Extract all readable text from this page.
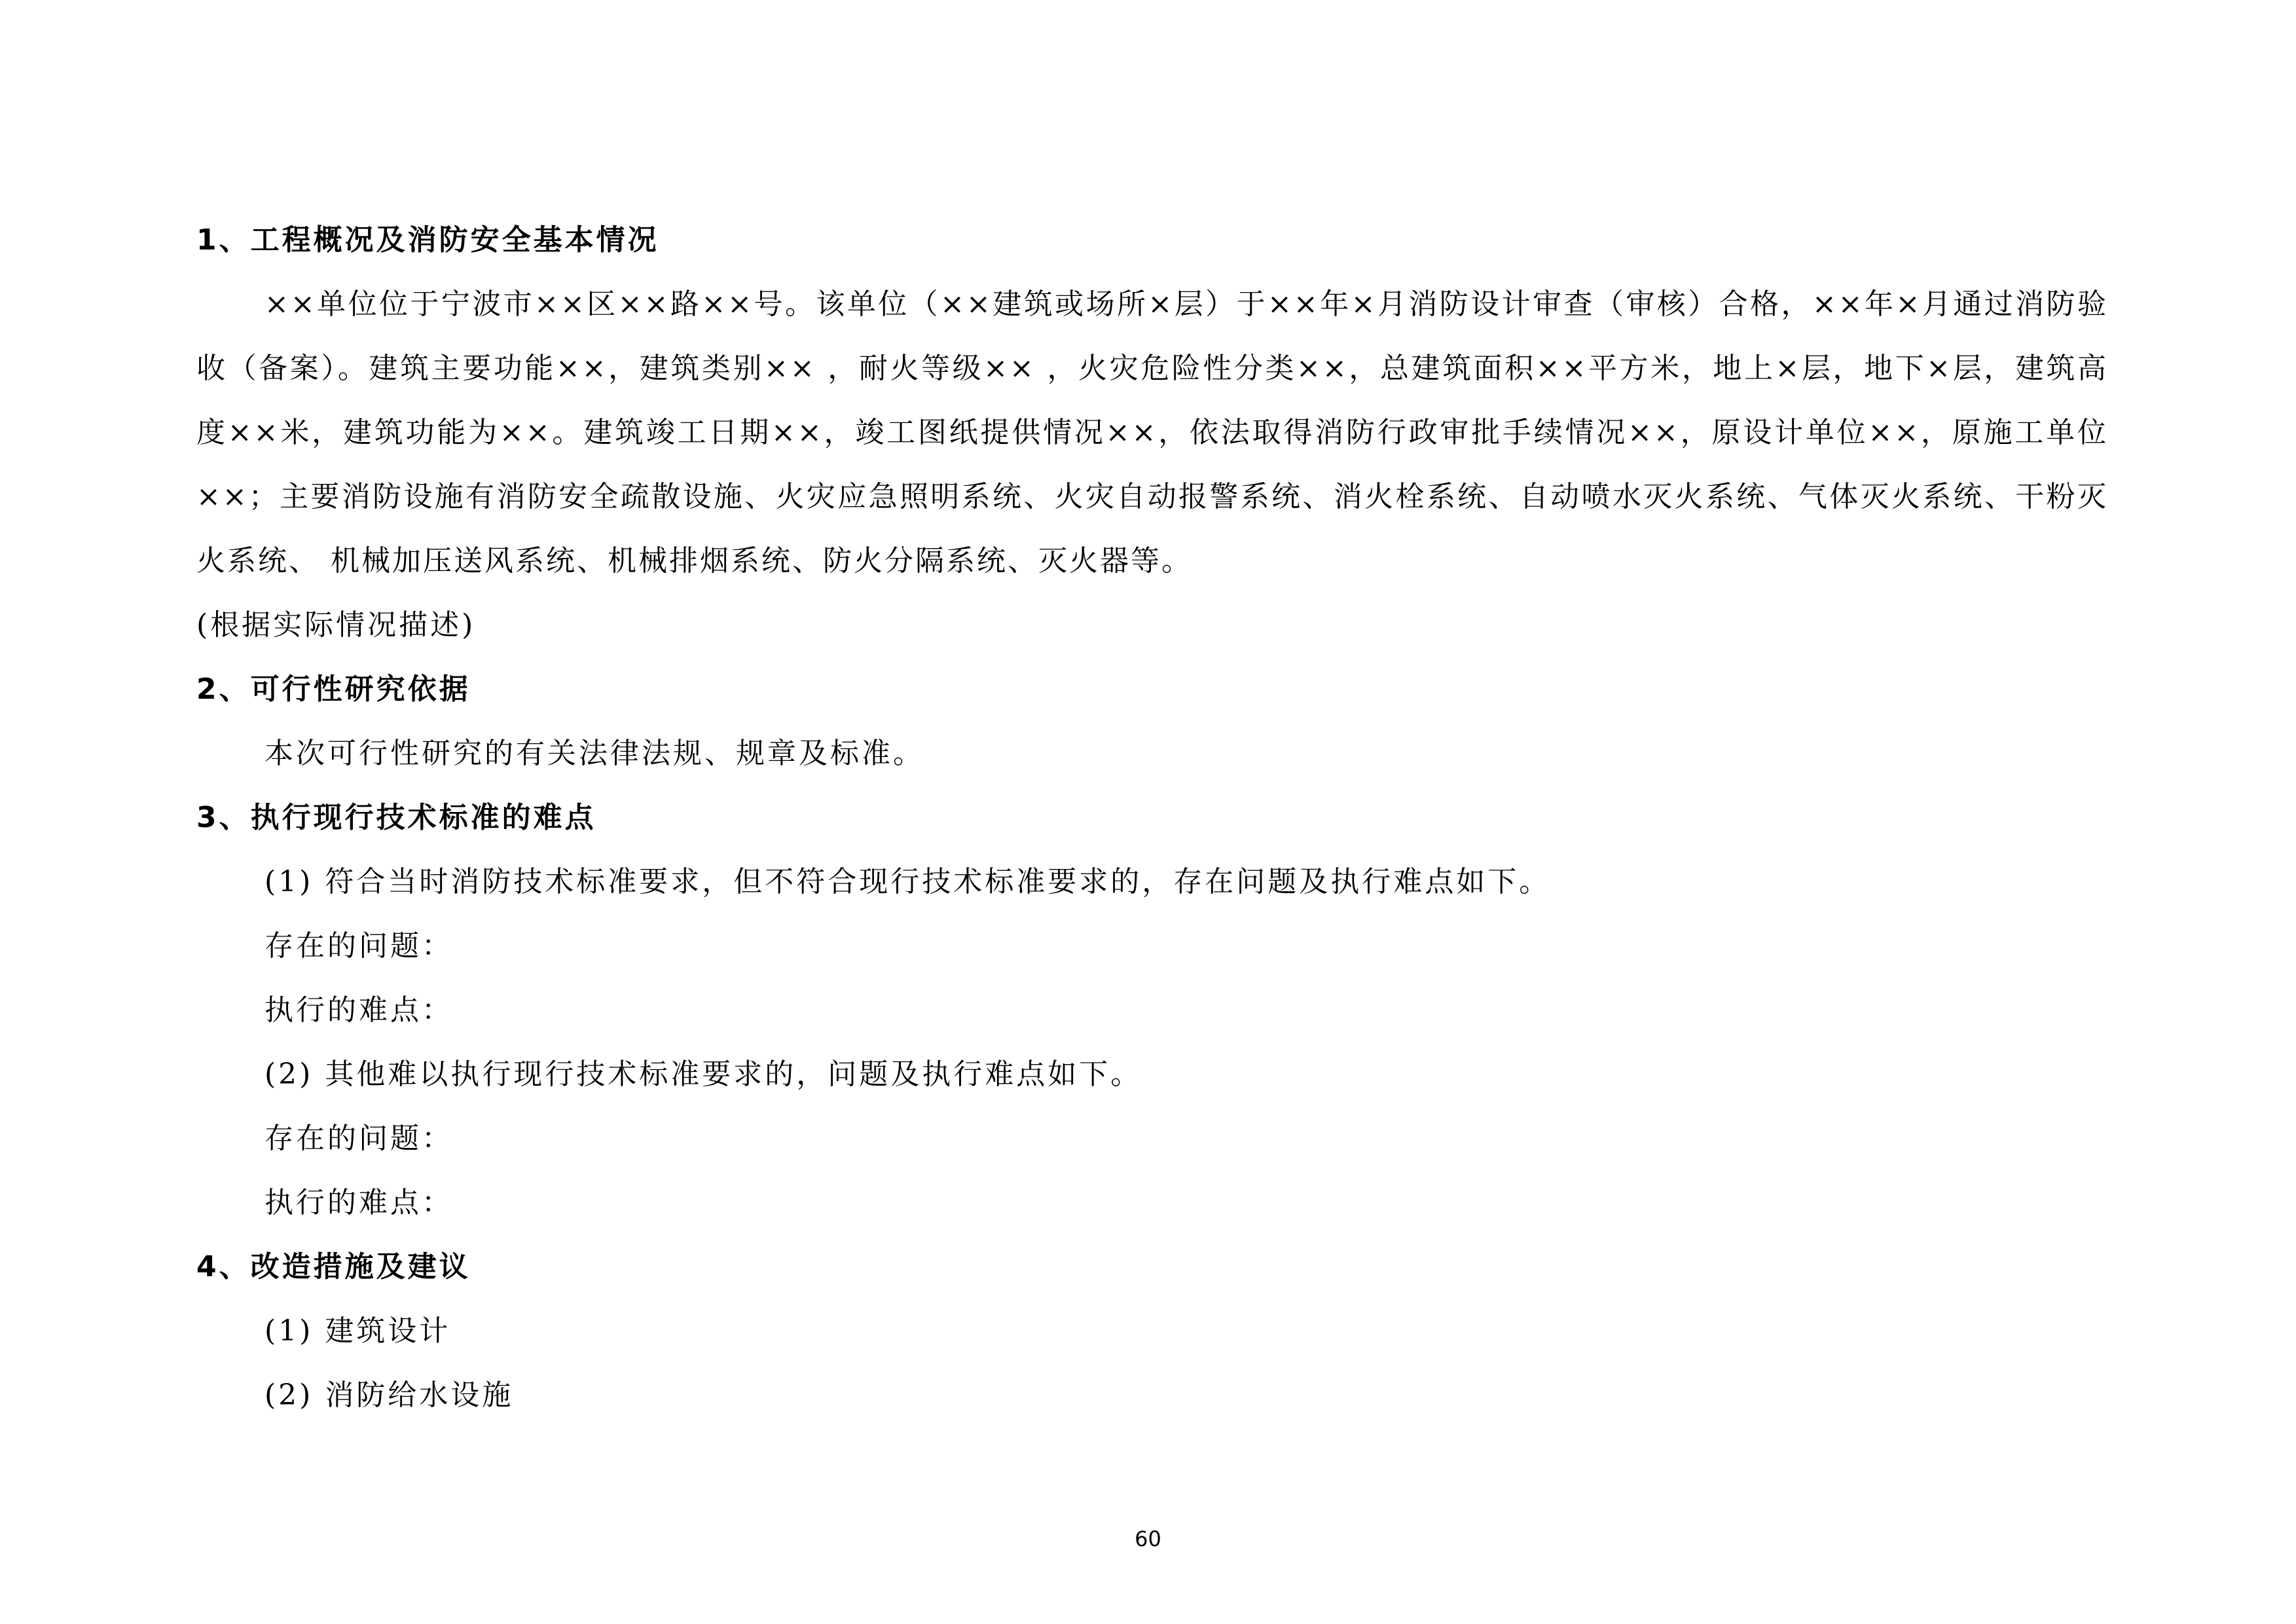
1、工程概况及消防安全基本情况

××单位位于宁波市××区××路××号。该单位（××建筑或场所×层）于××年×月消防设计审查（审核）合格，××年×月通过消防验收（备案）。建筑主要功能××，建筑类别×× ，耐火等级×× ，火灾危险性分类××，总建筑面积××平方米，地上×层，地下×层，建筑高度××米，建筑功能为××。建筑竣工日期××，竣工图纸提供情况××，依法取得消防行政审批手续情况××，原设计单位××，原施工单位××；主要消防设施有消防安全疏散设施、火灾应急照明系统、火灾自动报警系统、消火栓系统、自动喷水灭火系统、气体灭火系统、干粉灭火系统、 机械加压送风系统、机械排烟系统、防火分隔系统、灭火器等。

(根据实际情况描述)

2、可行性研究依据

本次可行性研究的有关法律法规、规章及标准。

3、执行现行技术标准的难点

(1) 符合当时消防技术标准要求，但不符合现行技术标准要求的，存在问题及执行难点如下。

存在的问题：

执行的难点：

(2) 其他难以执行现行技术标准要求的，问题及执行难点如下。

存在的问题：

执行的难点：

4、改造措施及建议

(1) 建筑设计

(2) 消防给水设施

60
